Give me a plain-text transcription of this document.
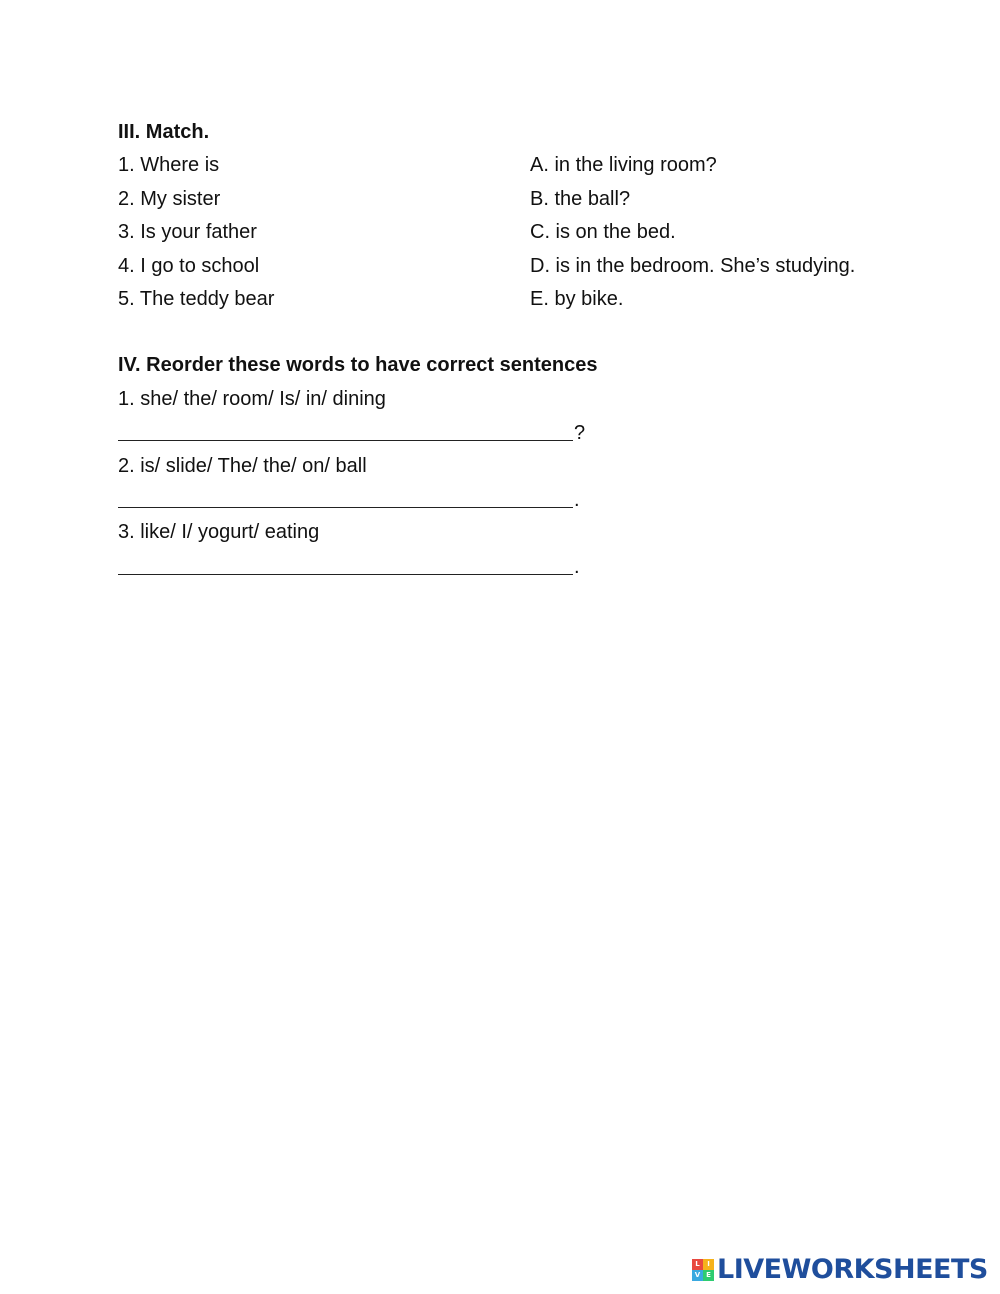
III. Match.
1. Where is	A. in the living room?
2. My sister	B. the ball?
3. Is your father	C. is on the bed.
4. I go to school	D. is in the bedroom. She’s studying.
5. The teddy bear	E. by bike.
IV. Reorder these words to have correct sentences
1. she/ the/ room/ Is/ in/ dining
?
2. is/ slide/ The/ the/ on/ ball
.
3. like/ I/ yogurt/ eating
.
L	I
V E LIVEWORKSHEETS
